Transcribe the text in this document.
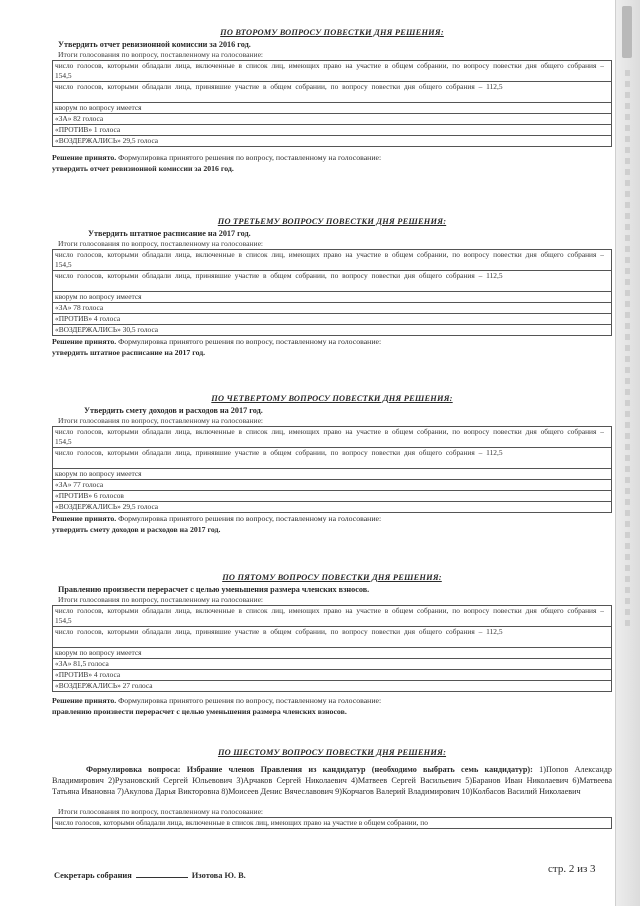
ПО ВТОРОМУ ВОПРОСУ ПОВЕСТКИ ДНЯ РЕШЕНИЯ:
Утвердить отчет ревизионной комиссии за 2016 год.
Итоги голосования по вопросу, поставленному на голосование:
число голосов, которыми обладали лица, включенные в список лиц, имеющих право на участие в общем собрании, по вопросу повестки дня общего собрания – 154,5
число голосов, которыми обладали лица, принявшие участие в общем собрании, по вопросу повестки дня общего собрания – 112,5
кворум по вопросу имеется
«ЗА» 82 голоса
«ПРОТИВ» 1 голоса
«ВОЗДЕРЖАЛИСЬ» 29,5 голоса
Решение принято. Формулировка принятого решения по вопросу, поставленному на голосование:
утвердить отчет ревизионной комиссии за 2016 год.
ПО ТРЕТЬЕМУ ВОПРОСУ ПОВЕСТКИ ДНЯ РЕШЕНИЯ:
Утвердить штатное расписание на 2017 год.
Итоги голосования по вопросу, поставленному на голосование:
число голосов, которыми обладали лица, включенные в список лиц, имеющих право на участие в общем собрании, по вопросу повестки дня общего собрания – 154,5
число голосов, которыми обладали лица, принявшие участие в общем собрании, по вопросу повестки дня общего собрания – 112,5
кворум по вопросу имеется
«ЗА» 78 голоса
«ПРОТИВ» 4 голоса
«ВОЗДЕРЖАЛИСЬ» 30,5 голоса
Решение принято. Формулировка принятого решения по вопросу, поставленному на голосование:
утвердить штатное расписание на 2017 год.
ПО ЧЕТВЕРТОМУ ВОПРОСУ ПОВЕСТКИ ДНЯ РЕШЕНИЯ:
Утвердить смету доходов и расходов на 2017 год.
Итоги голосования по вопросу, поставленному на голосование:
число голосов, которыми обладали лица, включенные в список лиц, имеющих право на участие в общем собрании, по вопросу повестки дня общего собрания – 154,5
число голосов, которыми обладали лица, принявшие участие в общем собрании, по вопросу повестки дня общего собрания – 112,5
кворум по вопросу имеется
«ЗА» 77 голоса
«ПРОТИВ» 6 голосов
«ВОЗДЕРЖАЛИСЬ» 29,5 голоса
Решение принято. Формулировка принятого решения по вопросу, поставленному на голосование:
утвердить смету доходов и расходов на 2017 год.
ПО ПЯТОМУ ВОПРОСУ ПОВЕСТКИ ДНЯ РЕШЕНИЯ:
Правлению произвести перерасчет с целью уменьшения размера членских взносов.
Итоги голосования по вопросу, поставленному на голосование:
число голосов, которыми обладали лица, включенные в список лиц, имеющих право на участие в общем собрании, по вопросу повестки дня общего собрания – 154,5
число голосов, которыми обладали лица, принявшие участие в общем собрании, по вопросу повестки дня общего собрания – 112,5
кворум по вопросу имеется
«ЗА» 81,5 голоса
«ПРОТИВ» 4 голоса
«ВОЗДЕРЖАЛИСЬ» 27 голоса
Решение принято. Формулировка принятого решения по вопросу, поставленному на голосование:
правлению произвести перерасчет с целью уменьшения размера членских взносов.
ПО ШЕСТОМУ ВОПРОСУ ПОВЕСТКИ ДНЯ РЕШЕНИЯ:
Формулировка вопроса: Избрание членов Правления из кандидатур (необходимо выбрать семь кандидатур): 1)Попов Александр Владимирович 2)Рузановский Сергей Юльевович 3)Арчаков Сергей Николаевич 4)Матвеев Сергей Васильевич 5)Баранов Иван Николаевич 6)Матвеева Татьяна Ивановна 7)Акулова Дарья Викторовна 8)Моисеев Денис Вячеславович 9)Корчагов Валерий Владимирович 10)Колбасов Василий Николаевич
Итоги голосования по вопросу, поставленному на голосование:
число голосов, которыми обладали лица, включенные в список лиц, имеющих право на участие в общем собрании, по
Секретарь собрания	Изотова Ю. В.
стр. 2 из 3
